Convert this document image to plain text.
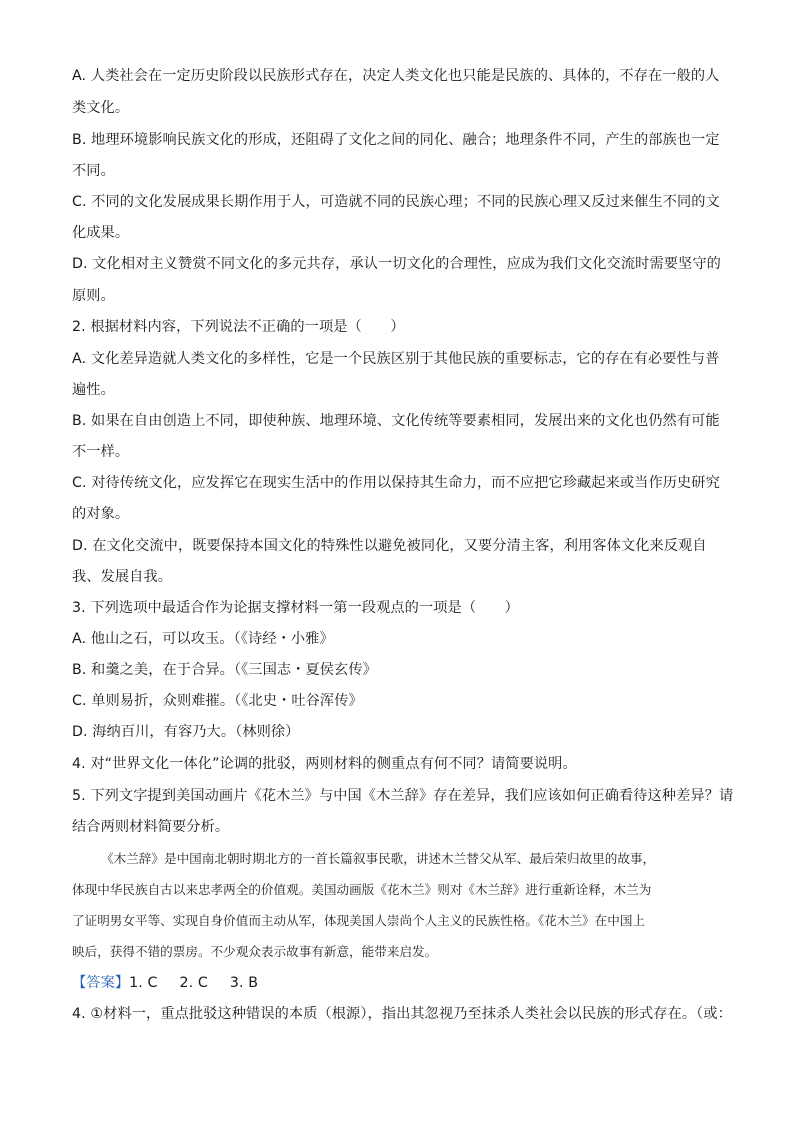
A. 人类社会在一定历史阶段以民族形式存在，决定人类文化也只能是民族的、具体的，不存在一般的人
类文化。
B. 地理环境影响民族文化的形成，还阻碍了文化之间的同化、融合；地理条件不同，产生的部族也一定
不同。
C. 不同的文化发展成果长期作用于人，可造就不同的民族心理；不同的民族心理又反过来催生不同的文
化成果。
D. 文化相对主义赞赏不同文化的多元共存，承认一切文化的合理性，应成为我们文化交流时需要坚守的
原则。
2. 根据材料内容，下列说法不正确的一项是（　　）
A. 文化差异造就人类文化的多样性，它是一个民族区别于其他民族的重要标志，它的存在有必要性与普
遍性。
B. 如果在自由创造上不同，即使种族、地理环境、文化传统等要素相同，发展出来的文化也仍然有可能
不一样。
C. 对待传统文化，应发挥它在现实生活中的作用以保持其生命力，而不应把它珍藏起来或当作历史研究
的对象。
D. 在文化交流中，既要保持本国文化的特殊性以避免被同化，又要分清主客，利用客体文化来反观自
我、发展自我。
3. 下列选项中最适合作为论据支撑材料一第一段观点的一项是（　　）
A. 他山之石，可以攻玉。（《诗经・小雅》
B. 和羹之美，在于合异。（《三国志・夏侯玄传》
C. 单则易折，众则难摧。（《北史・吐谷浑传》
D. 海纳百川，有容乃大。（林则徐）
4. 对“世界文化一体化”论调的批驳，两则材料的侧重点有何不同？请简要说明。
5. 下列文字提到美国动画片《花木兰》与中国《木兰辞》存在差异，我们应该如何正确看待这种差异？请
结合两则材料简要分析。
《木兰辞》是中国南北朝时期北方的一首长篇叙事民歌，讲述木兰替父从军、最后荣归故里的故事，
体现中华民族自古以来忠孝两全的价值观。美国动画版《花木兰》则对《木兰辞》进行重新诠释，木兰为
了证明男女平等、实现自身价值而主动从军，体现美国人崇尚个人主义的民族性格。《花木兰》在中国上
映后，获得不错的票房。不少观众表示故事有新意，能带来启发。
【答案】1. C 2. C 3. B
4. ①材料一，重点批驳这种错误的本质（根源），指出其忽视乃至抹杀人类社会以民族的形式存在。（或：
